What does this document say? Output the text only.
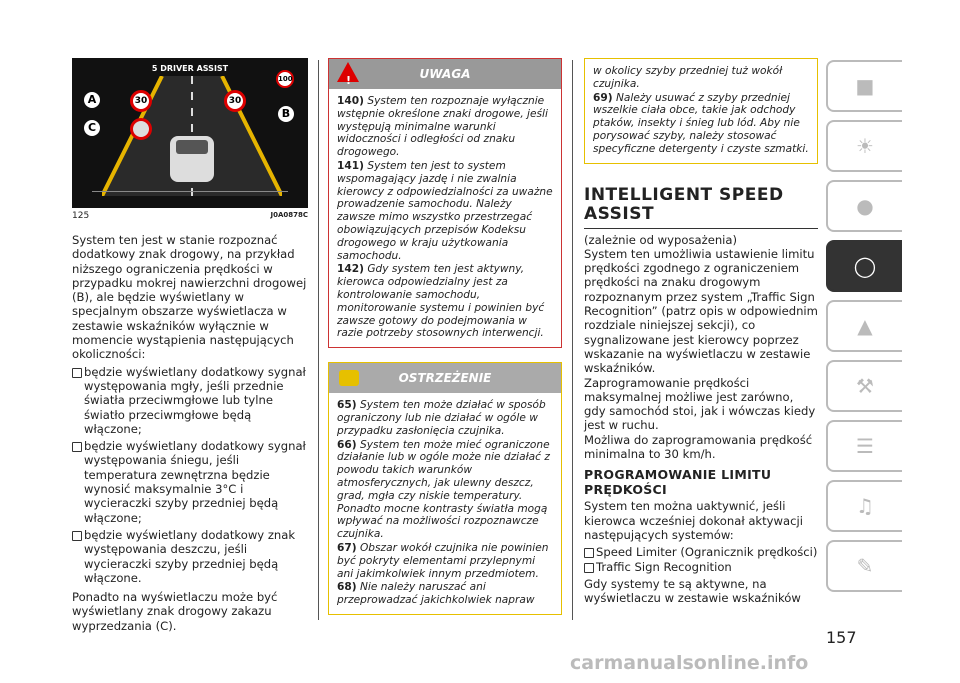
5 DRIVER ASSIST
30	30
100
A
C
B
125	J0A0878C

System ten jest w stanie rozpoznać dodatkowy znak drogowy, na przykład niższego ograniczenia prędkości w przypadku mokrej nawierzchni drogowej (B), ale będzie wyświetlany w specjalnym obszarze wyświetlacza w zestawie wskaźników wyłącznie w momencie wystąpienia następujących okoliczności:

będzie wyświetlany dodatkowy sygnał występowania mgły, jeśli przednie światła przeciwmgłowe lub tylne światło przeciwmgłowe będą włączone;

będzie wyświetlany dodatkowy sygnał występowania śniegu, jeśli temperatura zewnętrzna będzie wynosić maksymalnie 3°C i wycieraczki szyby przedniej będą włączone;

będzie wyświetlany dodatkowy znak występowania deszczu, jeśli wycieraczki szyby przedniej będą włączone.

Ponadto na wyświetlaczu może być wyświetlany znak drogowy zakazu wyprzedzania (C).

!
UWAGA

140) System ten rozpoznaje wyłącznie wstępnie określone znaki drogowe, jeśli występują minimalne warunki widoczności i odległości od znaku drogowego.

141) System ten jest to system wspomagający jazdę i nie zwalnia kierowcy z odpowiedzialności za uważne prowadzenie samochodu. Należy zawsze mimo wszystko przestrzegać obowiązujących przepisów Kodeksu drogowego w kraju użytkowania samochodu.

142) Gdy system ten jest aktywny, kierowca odpowiedzialny jest za kontrolowanie samochodu, monitorowanie systemu i powinien być zawsze gotowy do podejmowania w razie potrzeby stosownych interwencji.

OSTRZEŻENIE

65) System ten może działać w sposób ograniczony lub nie działać w ogóle w przypadku zasłonięcia czujnika.

66) System ten może mieć ograniczone działanie lub w ogóle może nie działać z powodu takich warunków atmosferycznych, jak ulewny deszcz, grad, mgła czy niskie temperatury. Ponadto mocne kontrasty światła mogą wpływać na możliwości rozpoznawcze czujnika.

67) Obszar wokół czujnika nie powinien być pokryty elementami przylepnymi ani jakimkolwiek innym przedmiotem.

68) Nie należy naruszać ani przeprowadzać jakichkolwiek napraw

w okolicy szyby przedniej tuż wokół czujnika.

69) Należy usuwać z szyby przedniej wszelkie ciała obce, takie jak odchody ptaków, insekty i śnieg lub lód. Aby nie porysować szyby, należy stosować specyficzne detergenty i czyste szmatki.

INTELLIGENT SPEED ASSIST

(zależnie od wyposażenia)

System ten umożliwia ustawienie limitu prędkości zgodnego z ograniczeniem prędkości na znaku drogowym rozpoznanym przez system „Traffic Sign Recognition” (patrz opis w odpowiednim rozdziale niniejszej sekcji), co sygnalizowane jest kierowcy poprzez wskazanie na wyświetlaczu w zestawie wskaźników.

Zaprogramowanie prędkości maksymalnej możliwe jest zarówno, gdy samochód stoi, jak i wówczas kiedy jest w ruchu.

Możliwa do zaprogramowania prędkość minimalna to 30 km/h.

PROGRAMOWANIE LIMITU PRĘDKOŚCI

System ten można uaktywnić, jeśli kierowca wcześniej dokonał aktywacji następujących systemów:

Speed Limiter (Ogranicznik prędkości)

Traffic Sign Recognition

Gdy systemy te są aktywne, na wyświetlaczu w zestawie wskaźników

■
☀
●
◯
▲
⚒
☰
♫
✎
157
carmanualsonline.info
